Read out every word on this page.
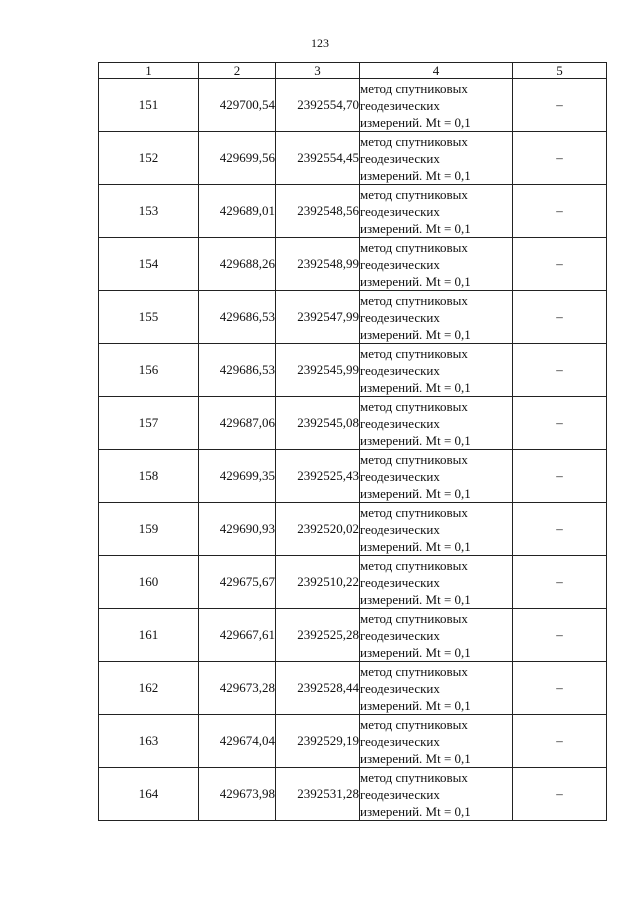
123
1	2	3	4	5
151	429700,54	2392554,70	метод спутниковых
геодезических
измерений. Mt = 0,1	–
152	429699,56	2392554,45	метод спутниковых
геодезических
измерений. Mt = 0,1	–
153	429689,01	2392548,56	метод спутниковых
геодезических
измерений. Mt = 0,1	–
154	429688,26	2392548,99	метод спутниковых
геодезических
измерений. Mt = 0,1	–
155	429686,53	2392547,99	метод спутниковых
геодезических
измерений. Mt = 0,1	–
156	429686,53	2392545,99	метод спутниковых
геодезических
измерений. Mt = 0,1	–
157	429687,06	2392545,08	метод спутниковых
геодезических
измерений. Mt = 0,1	–
158	429699,35	2392525,43	метод спутниковых
геодезических
измерений. Mt = 0,1	–
159	429690,93	2392520,02	метод спутниковых
геодезических
измерений. Mt = 0,1	–
160	429675,67	2392510,22	метод спутниковых
геодезических
измерений. Mt = 0,1	–
161	429667,61	2392525,28	метод спутниковых
геодезических
измерений. Mt = 0,1	–
162	429673,28	2392528,44	метод спутниковых
геодезических
измерений. Mt = 0,1	–
163	429674,04	2392529,19	метод спутниковых
геодезических
измерений. Mt = 0,1	–
164	429673,98	2392531,28	метод спутниковых
геодезических
измерений. Mt = 0,1	–
